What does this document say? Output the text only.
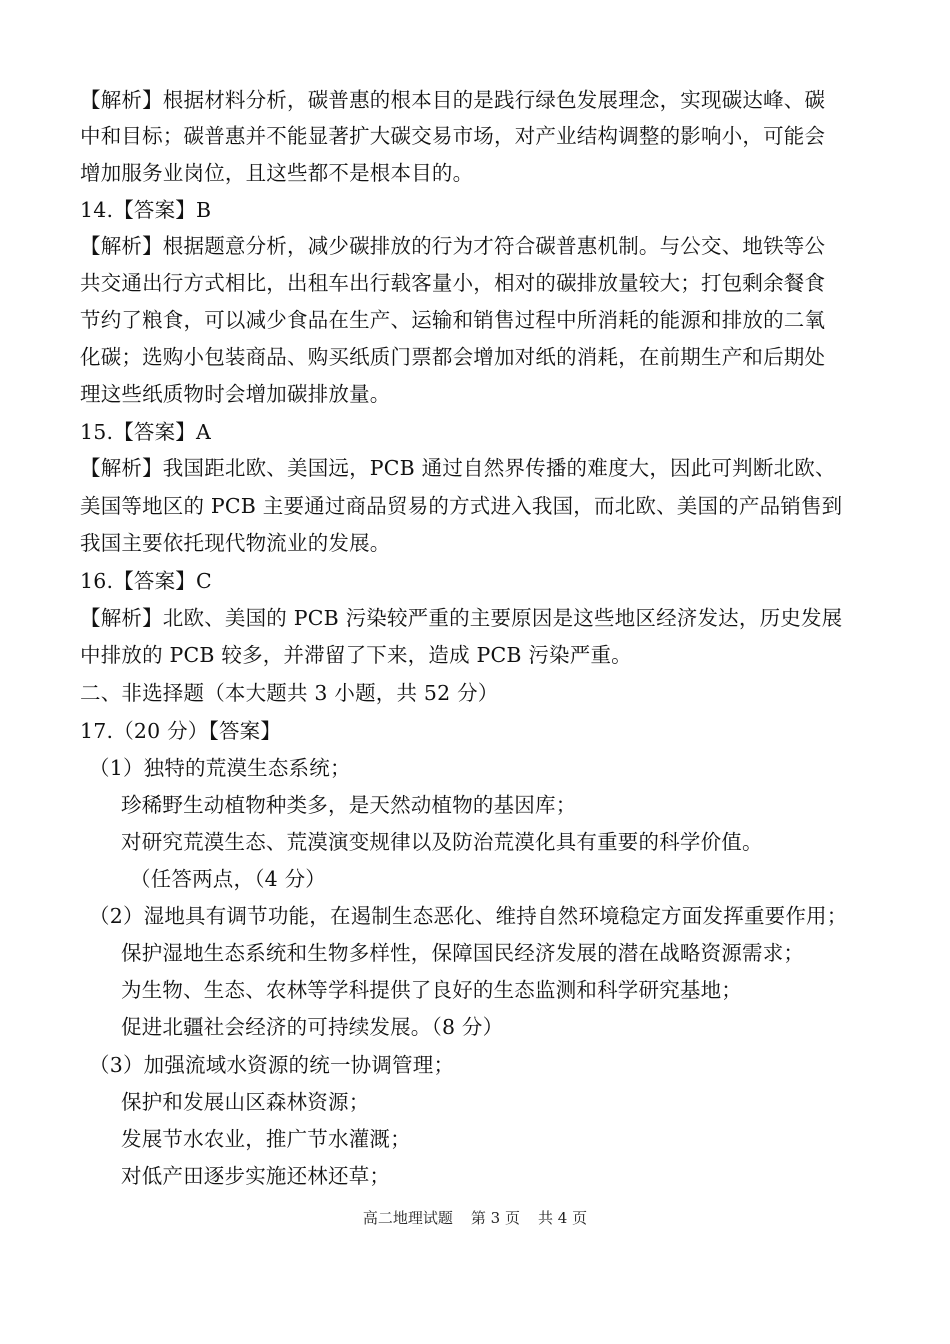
【解析】根据材料分析，碳普惠的根本目的是践行绿色发展理念，实现碳达峰、碳
中和目标；碳普惠并不能显著扩大碳交易市场，对产业结构调整的影响小，可能会
增加服务业岗位，且这些都不是根本目的。
14.【答案】B
【解析】根据题意分析，减少碳排放的行为才符合碳普惠机制。与公交、地铁等公
共交通出行方式相比，出租车出行载客量小，相对的碳排放量较大；打包剩余餐食
节约了粮食，可以减少食品在生产、运输和销售过程中所消耗的能源和排放的二氧
化碳；选购小包装商品、购买纸质门票都会增加对纸的消耗，在前期生产和后期处
理这些纸质物时会增加碳排放量。
15.【答案】A
【解析】我国距北欧、美国远，PCB 通过自然界传播的难度大，因此可判断北欧、
美国等地区的 PCB 主要通过商品贸易的方式进入我国，而北欧、美国的产品销售到
我国主要依托现代物流业的发展。
16.【答案】C
【解析】北欧、美国的 PCB 污染较严重的主要原因是这些地区经济发达，历史发展
中排放的 PCB 较多，并滞留了下来，造成 PCB 污染严重。
二、非选择题（本大题共 3 小题，共 52 分）
17.（20 分）【答案】
（1）独特的荒漠生态系统；
珍稀野生动植物种类多，是天然动植物的基因库；
对研究荒漠生态、荒漠演变规律以及防治荒漠化具有重要的科学价值。
（任答两点，（4 分）
（2）湿地具有调节功能，在遏制生态恶化、维持自然环境稳定方面发挥重要作用；
保护湿地生态系统和生物多样性，保障国民经济发展的潜在战略资源需求；
为生物、生态、农林等学科提供了良好的生态监测和科学研究基地；
促进北疆社会经济的可持续发展。（8 分）
（3）加强流域水资源的统一协调管理；
保护和发展山区森林资源；
发展节水农业，推广节水灌溉；
对低产田逐步实施还林还草；
高二地理试题 第 3 页 共 4 页
